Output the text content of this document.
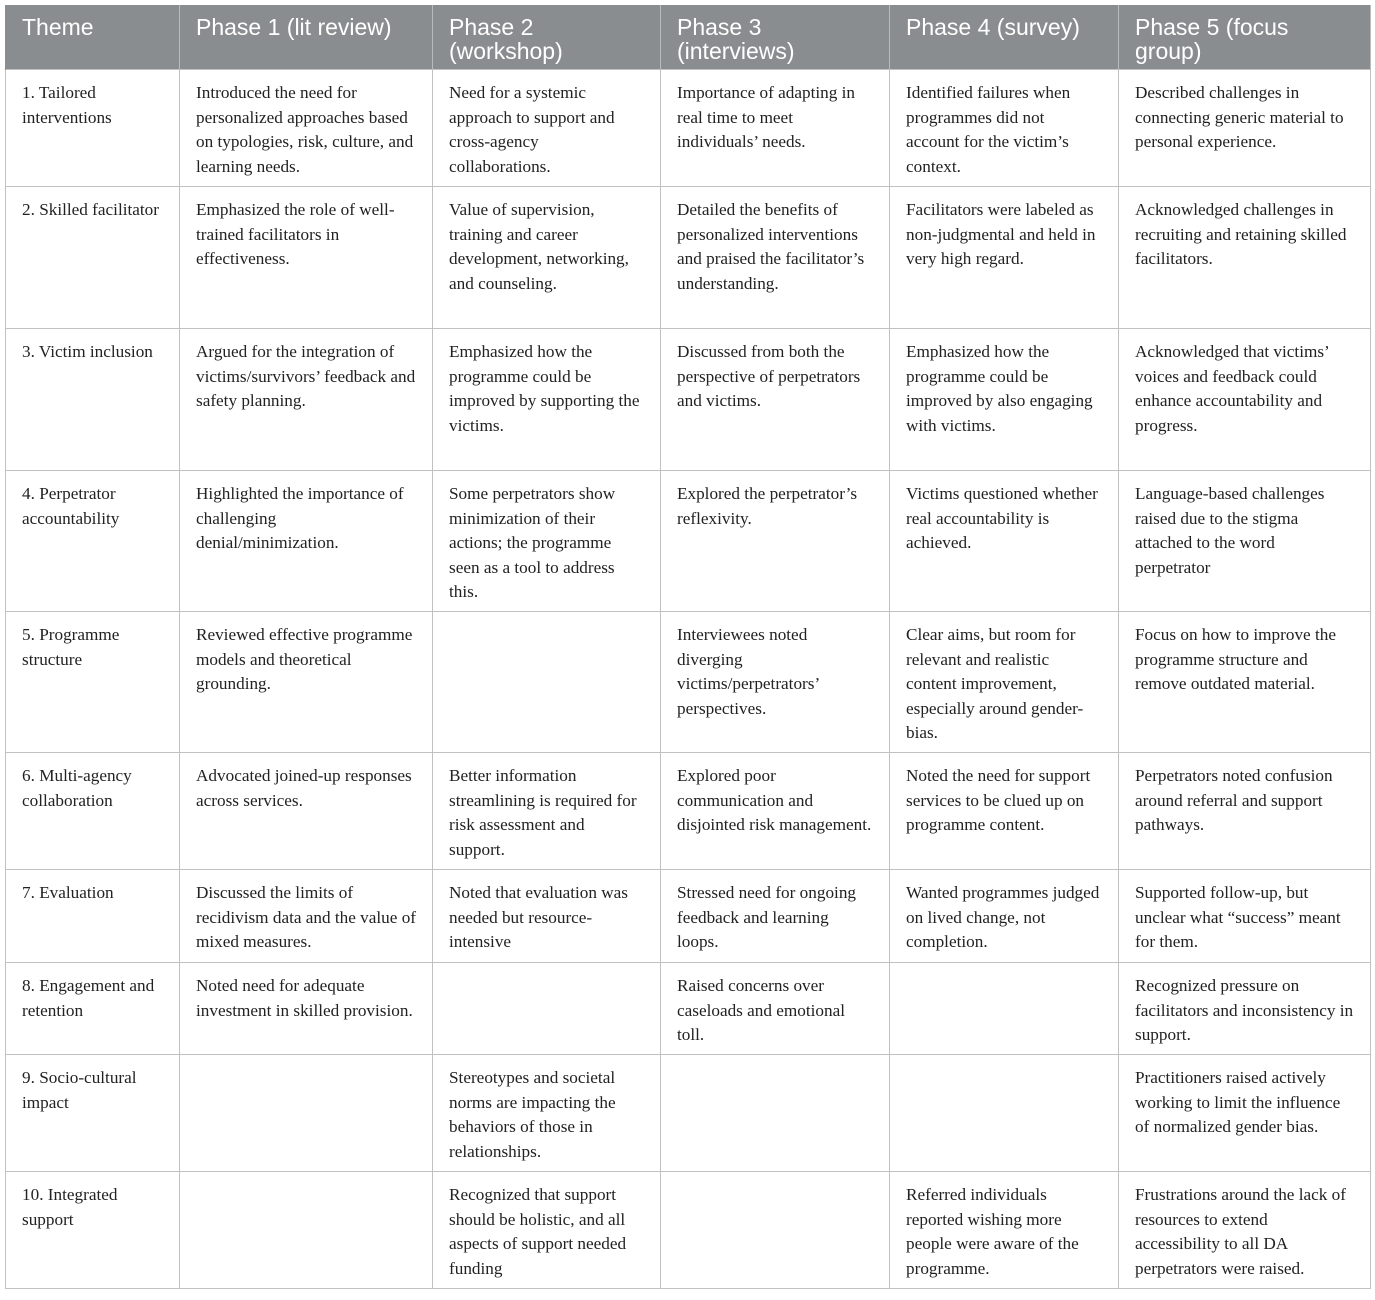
Theme	Phase 1 (lit review)	Phase 2 (workshop)	Phase 3 (interviews)	Phase 4 (survey)	Phase 5 (focus group)
1. Tailored interventions	Introduced the need for personalized approaches based on typologies, risk, culture, and learning needs.	Need for a systemic approach to support and cross-agency collaborations.	Importance of adapting in real time to meet individuals’ needs.	Identified failures when programmes did not account for the victim’s context.	Described challenges in connecting generic material to personal experience.
2. Skilled facilitator	Emphasized the role of well-trained facilitators in effectiveness.	Value of supervision, training and career development, networking, and counseling.	Detailed the benefits of personalized interventions and praised the facilitator’s understanding.	Facilitators were labeled as non-judgmental and held in very high regard.	Acknowledged challenges in recruiting and retaining skilled facilitators.
3. Victim inclusion	Argued for the integration of victims/survivors’ feedback and safety planning.	Emphasized how the programme could be improved by supporting the victims.	Discussed from both the perspective of perpetrators and victims.	Emphasized how the programme could be improved by also engaging with victims.	Acknowledged that victims’ voices and feedback could enhance accountability and progress.
4. Perpetrator accountability	Highlighted the importance of challenging denial/minimization.	Some perpetrators show minimization of their actions; the programme seen as a tool to address this.	Explored the perpetrator’s reflexivity.	Victims questioned whether real accountability is achieved.	Language-based challenges raised due to the stigma attached to the word perpetrator
5. Programme structure	Reviewed effective programme models and theoretical grounding.		Interviewees noted diverging victims/perpetrators’ perspectives.	Clear aims, but room for relevant and realistic content improvement, especially around gender-bias.	Focus on how to improve the programme structure and remove outdated material.
6. Multi-agency collaboration	Advocated joined-up responses across services.	Better information streamlining is required for risk assessment and support.	Explored poor communication and disjointed risk management.	Noted the need for support services to be clued up on programme content.	Perpetrators noted confusion around referral and support pathways.
7. Evaluation	Discussed the limits of recidivism data and the value of mixed measures.	Noted that evaluation was needed but resource-intensive	Stressed need for ongoing feedback and learning loops.	Wanted programmes judged on lived change, not completion.	Supported follow-up, but unclear what “success” meant for them.
8. Engagement and retention	Noted need for adequate investment in skilled provision.		Raised concerns over caseloads and emotional toll.		Recognized pressure on facilitators and inconsistency in support.
9. Socio-cultural impact		Stereotypes and societal norms are impacting the behaviors of those in relationships.			Practitioners raised actively working to limit the influence of normalized gender bias.
10. Integrated support		Recognized that support should be holistic, and all aspects of support needed funding		Referred individuals reported wishing more people were aware of the programme.	Frustrations around the lack of resources to extend accessibility to all DA perpetrators were raised.
